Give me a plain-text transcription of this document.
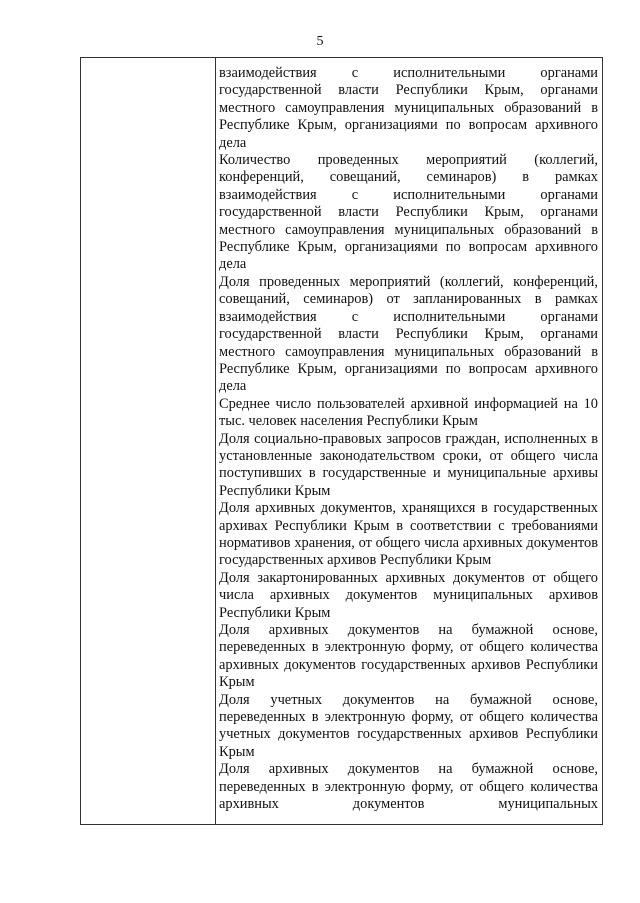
5

взаимодействия с исполнительными органами государственной власти Республики Крым, органами местного самоуправления муниципальных образований в Республике Крым, организациями по вопросам архивного дела

Количество проведенных мероприятий (коллегий, конференций, совещаний, семинаров) в рамках взаимодействия с исполнительными органами государственной власти Республики Крым, органами местного самоуправления муниципальных образований в Республике Крым, организациями по вопросам архивного дела

Доля проведенных мероприятий (коллегий, конференций, совещаний, семинаров) от запланированных в рамках взаимодействия с исполнительными органами государственной власти Республики Крым, органами местного самоуправления муниципальных образований в Республике Крым, организациями по вопросам архивного дела

Среднее число пользователей архивной информацией на 10 тыс. человек населения Республики Крым

Доля социально-правовых запросов граждан, исполненных в установленные законодательством сроки, от общего числа поступивших в государственные и муниципальные архивы Республики Крым

Доля архивных документов, хранящихся в государственных архивах Республики Крым в соответствии с требованиями нормативов хранения, от общего числа архивных документов государственных архивов Республики Крым

Доля закартонированных архивных документов от общего числа архивных документов муниципальных архивов Республики Крым

Доля архивных документов на бумажной основе, переведенных в электронную форму, от общего количества архивных документов государственных архивов Республики Крым

Доля учетных документов на бумажной основе, переведенных в электронную форму, от общего количества учетных документов государственных архивов Республики Крым

Доля архивных документов на бумажной основе, переведенных в электронную форму, от общего количества архивных документов муниципальных
